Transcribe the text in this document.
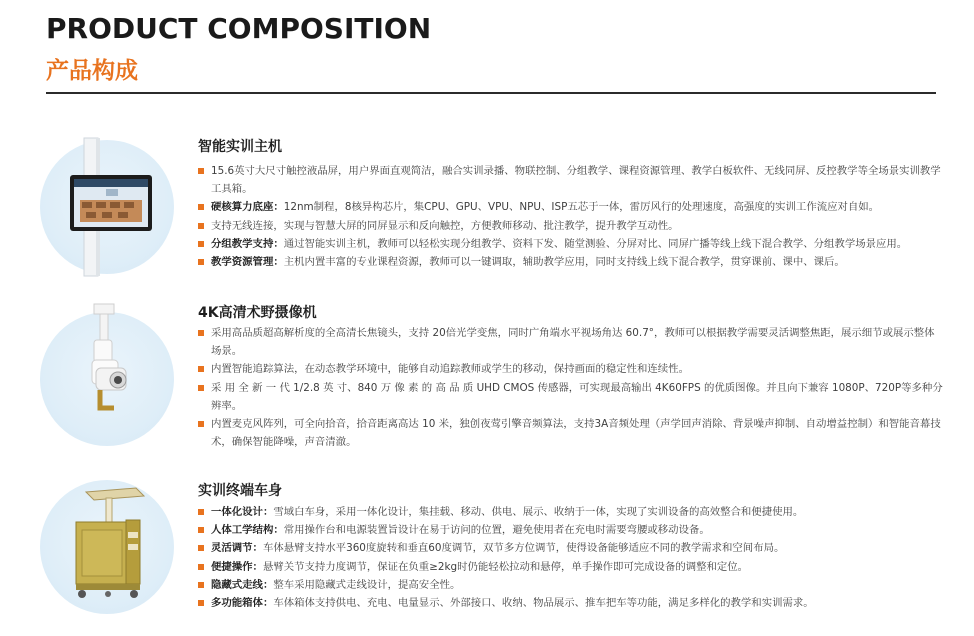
PRODUCT COMPOSITION
产品构成
智能实训主机
15.6英寸大尺寸触控液晶屏，用户界面直观简洁，融合实训录播、物联控制、分组教学、课程资源管理、教学白板软件、无线同屏、反控教学等全场景实训教学工具箱。
硬核算力底座：12nm制程，8核异构芯片，集CPU、GPU、VPU、NPU、ISP五芯于一体，雷厉风行的处理速度，高强度的实训工作流应对自如。
支持无线连接，实现与智慧大屏的同屏显示和反向触控，方便教师移动、批注教学，提升教学互动性。
分组教学支持：通过智能实训主机，教师可以轻松实现分组教学、资料下发、随堂测验、分屏对比、同屏广播等线上线下混合教学、分组教学场景应用。
教学资源管理：主机内置丰富的专业课程资源，教师可以一键调取，辅助教学应用，同时支持线上线下混合教学，贯穿课前、课中、课后。
4K高清术野摄像机
采用高品质超高解析度的全高清长焦镜头，支持 20倍光学变焦，同时广角端水平视场角达 60.7°，教师可以根据教学需要灵活调整焦距，展示细节或展示整体场景。
内置智能追踪算法，在动态教学环境中，能够自动追踪教师或学生的移动，保持画面的稳定性和连续性。
采 用 全 新 一 代 1/2.8 英 寸、840 万 像 素 的 高 品 质 UHD CMOS 传感器，可实现最高输出 4K60FPS 的优质图像。并且向下兼容 1080P、720P等多种分辨率。
内置麦克风阵列，可全向拾音，拾音距离高达 10 米，独创夜莺引擎音频算法，支持3A音频处理（声学回声消除、背景噪声抑制、自动增益控制）和智能音幕技术，确保智能降噪，声音清澈。
实训终端车身
一体化设计：雪域白车身，采用一体化设计，集挂载、移动、供电、展示、收纳于一体，实现了实训设备的高效整合和便捷使用。
人体工学结构：常用操作台和电源装置旨设计在易于访问的位置，避免使用者在充电时需要弯腰或移动设备。
灵活调节：车体悬臂支持水平360度旋转和垂直60度调节，双节多方位调节，使得设备能够适应不同的教学需求和空间布局。
便捷操作：悬臂关节支持力度调节，保证在负重≥2kg时仍能轻松拉动和悬停，单手操作即可完成设备的调整和定位。
隐藏式走线：整车采用隐藏式走线设计，提高安全性。
多功能箱体：车体箱体支持供电、充电、电量显示、外部接口、收纳、物品展示、推车把车等功能，满足多样化的教学和实训需求。
